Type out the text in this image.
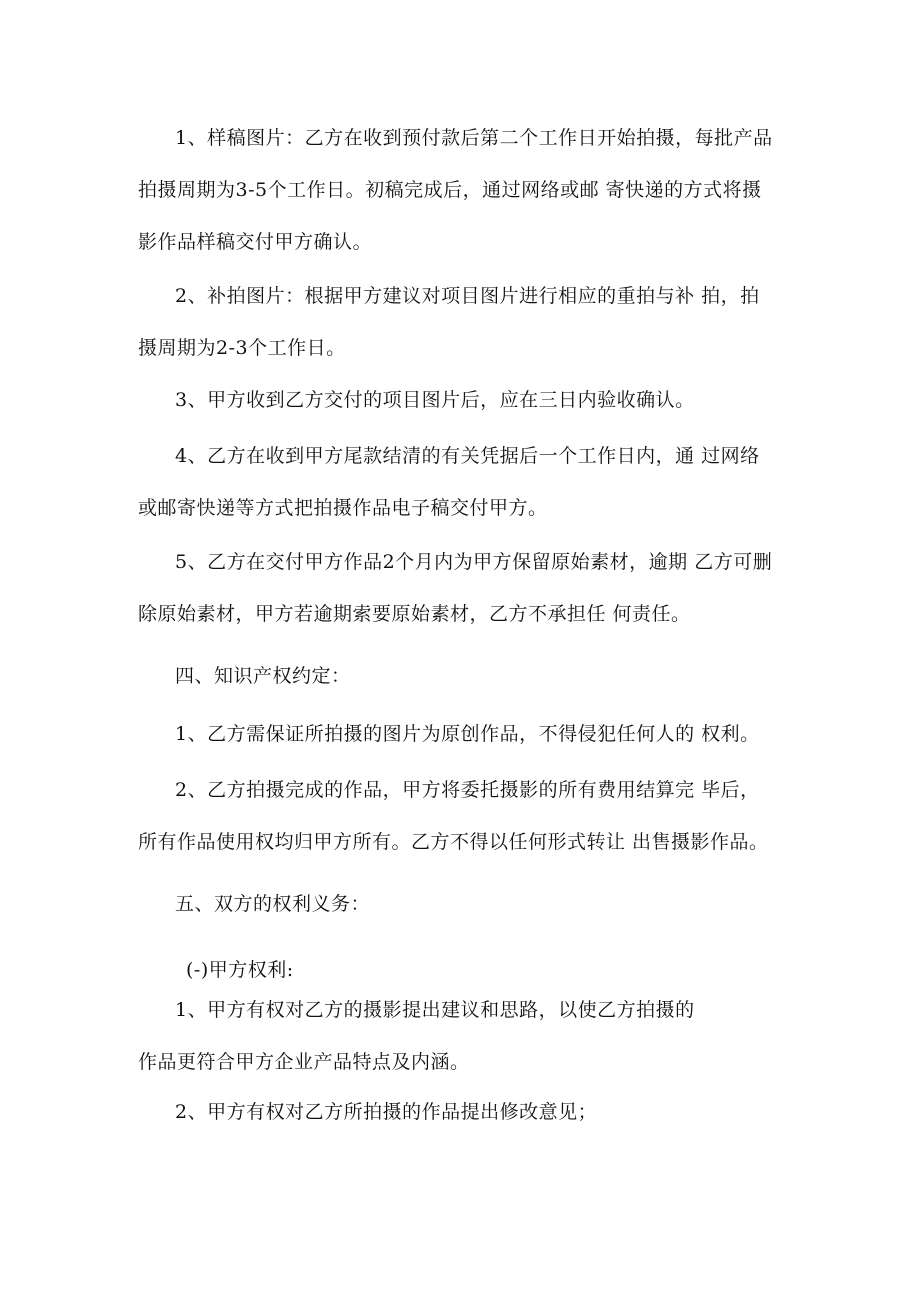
1、样稿图片：乙方在收到预付款后第二个工作日开始拍摄，每批产品
拍摄周期为3-5个工作日。初稿完成后，通过网络或邮 寄快递的方式将摄
影作品样稿交付甲方确认。
2、补拍图片：根据甲方建议对项目图片进行相应的重拍与补 拍，拍
摄周期为2-3个工作日。
3、甲方收到乙方交付的项目图片后，应在三日内验收确认。
4、乙方在收到甲方尾款结清的有关凭据后一个工作日内，通 过网络
或邮寄快递等方式把拍摄作品电子稿交付甲方。
5、乙方在交付甲方作品2个月内为甲方保留原始素材，逾期 乙方可删
除原始素材，甲方若逾期索要原始素材，乙方不承担任 何责任。
四、知识产权约定：
1、乙方需保证所拍摄的图片为原创作品，不得侵犯任何人的 权利。
2、乙方拍摄完成的作品，甲方将委托摄影的所有费用结算完 毕后，
所有作品使用权均归甲方所有。乙方不得以任何形式转让 出售摄影作品。
五、双方的权利义务：
(-)甲方权利:
1、甲方有权对乙方的摄影提出建议和思路，以使乙方拍摄的
作品更符合甲方企业产品特点及内涵。
2、甲方有权对乙方所拍摄的作品提出修改意见；
